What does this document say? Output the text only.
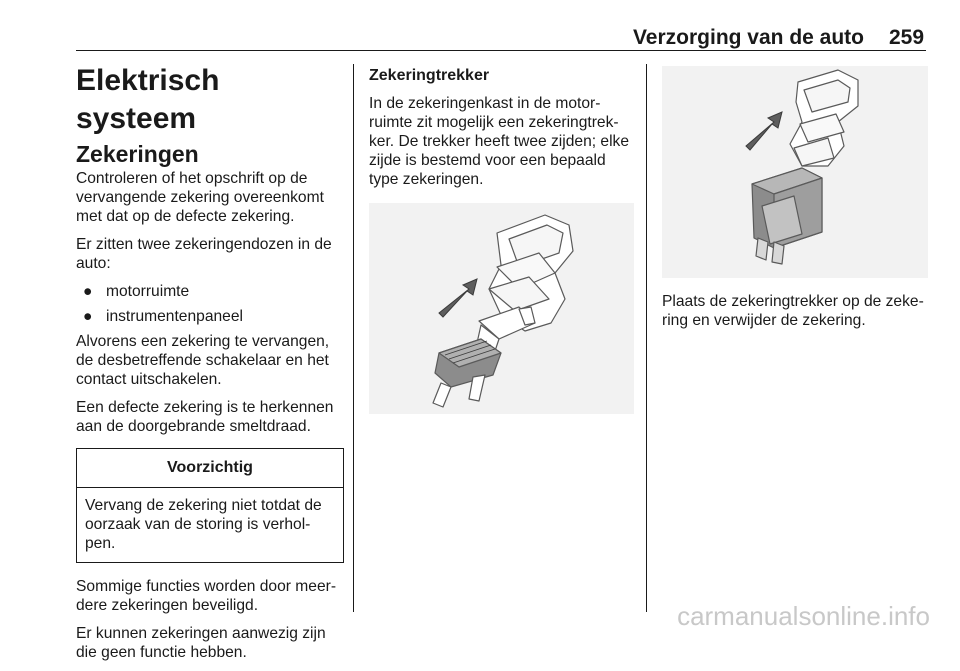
Verzorging van de auto 259
Elektrisch systeem
Zekeringen

Controleren of het opschrift op de vervangende zekering overeenkomt met dat op de defecte zekering.

Er zitten twee zekeringendozen in de auto:

● motorruimte
● instrumentenpaneel

Alvorens een zekering te vervangen, de desbetreffende schakelaar en het contact uitschakelen.

Een defecte zekering is te herkennen aan de doorgebrande smeltdraad.

Voorzichtig
Vervang de zekering niet totdat de oorzaak van de storing is verholpen.

Sommige functies worden door meerdere zekeringen beveiligd.

Er kunnen zekeringen aanwezig zijn die geen functie hebben.

Zekeringtrekker

In de zekeringenkast in de motorruimte zit mogelijk een zekeringtrekker. De trekker heeft twee zijden; elke zijde is bestemd voor een bepaald type zekeringen.

Plaats de zekeringtrekker op de zekering en verwijder de zekering.

carmanualsonline.info
